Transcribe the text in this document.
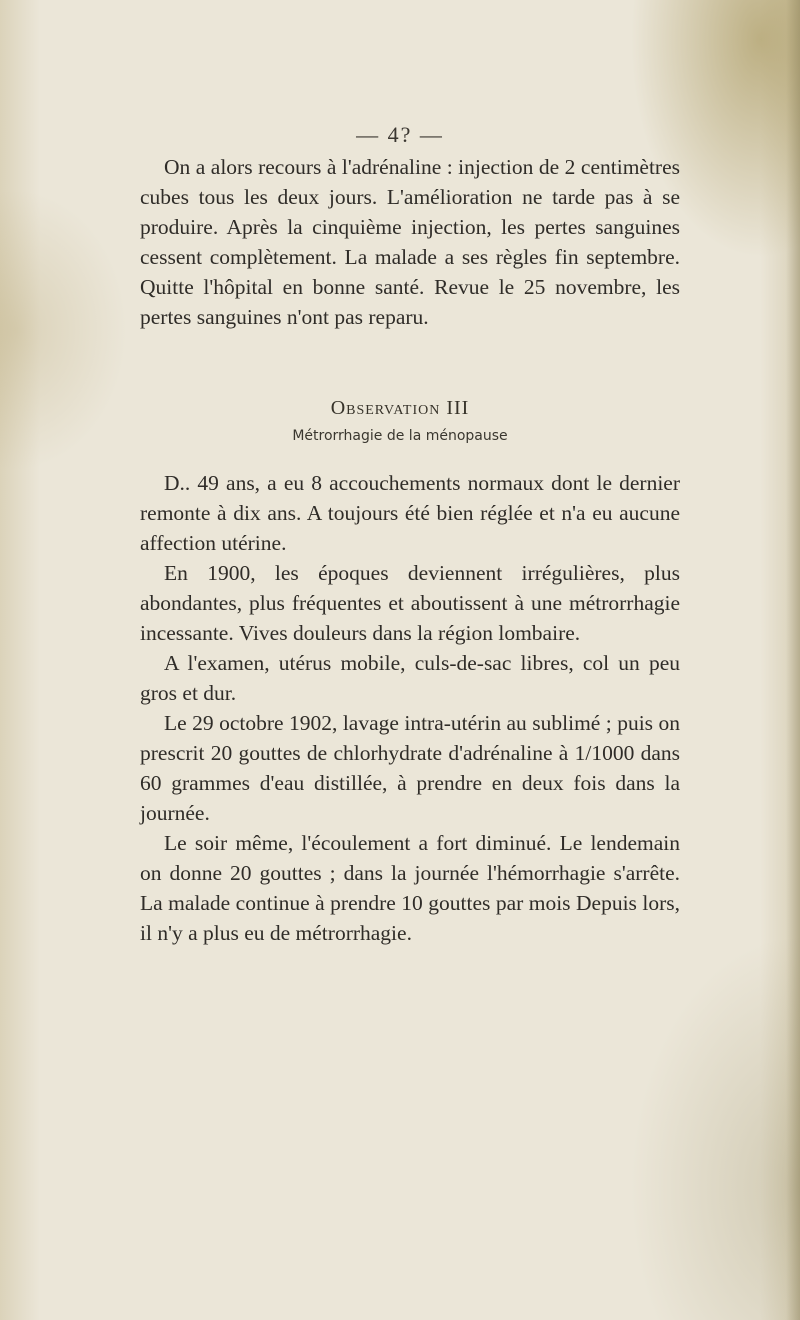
— 4? —

On a alors recours à l'adrénaline : injection de 2 centimètres cubes tous les deux jours. L'amélioration ne tarde pas à se produire. Après la cinquième injection, les pertes sanguines cessent complètement. La malade a ses règles fin septembre. Quitte l'hôpital en bonne santé. Revue le 25 novembre, les pertes sanguines n'ont pas reparu.

Observation III
Métrorrhagie de la ménopause

D.. 49 ans, a eu 8 accouchements normaux dont le dernier remonte à dix ans. A toujours été bien réglée et n'a eu aucune affection utérine.

En 1900, les époques deviennent irrégulières, plus abondantes, plus fréquentes et aboutissent à une métrorrhagie incessante. Vives douleurs dans la région lombaire.

A l'examen, utérus mobile, culs-de-sac libres, col un peu gros et dur.

Le 29 octobre 1902, lavage intra-utérin au sublimé ; puis on prescrit 20 gouttes de chlorhydrate d'adrénaline à 1/1000 dans 60 grammes d'eau distillée, à prendre en deux fois dans la journée.

Le soir même, l'écoulement a fort diminué. Le lendemain on donne 20 gouttes ; dans la journée l'hémorrhagie s'arrête. La malade continue à prendre 10 gouttes par mois Depuis lors, il n'y a plus eu de métrorrhagie.
